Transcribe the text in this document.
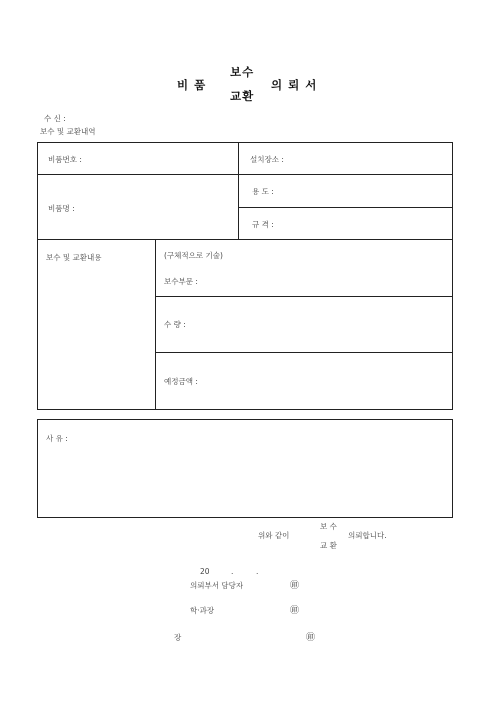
비 품
보수
교환
의 뢰 서
수 신 :
보수 및 교환내역
비품번호 :	설치장소 :
비품명 :
용 도 :
규 격 :
보수 및 교환내용	(구체적으로 기술)
보수부문 :
수 량 :
예정금액 :
사 유 :
위와 같이
보 수
교 환
의뢰합니다.
20	.	.
의뢰부서 담당자	㊞
학·과장	㊞
장	㊞
